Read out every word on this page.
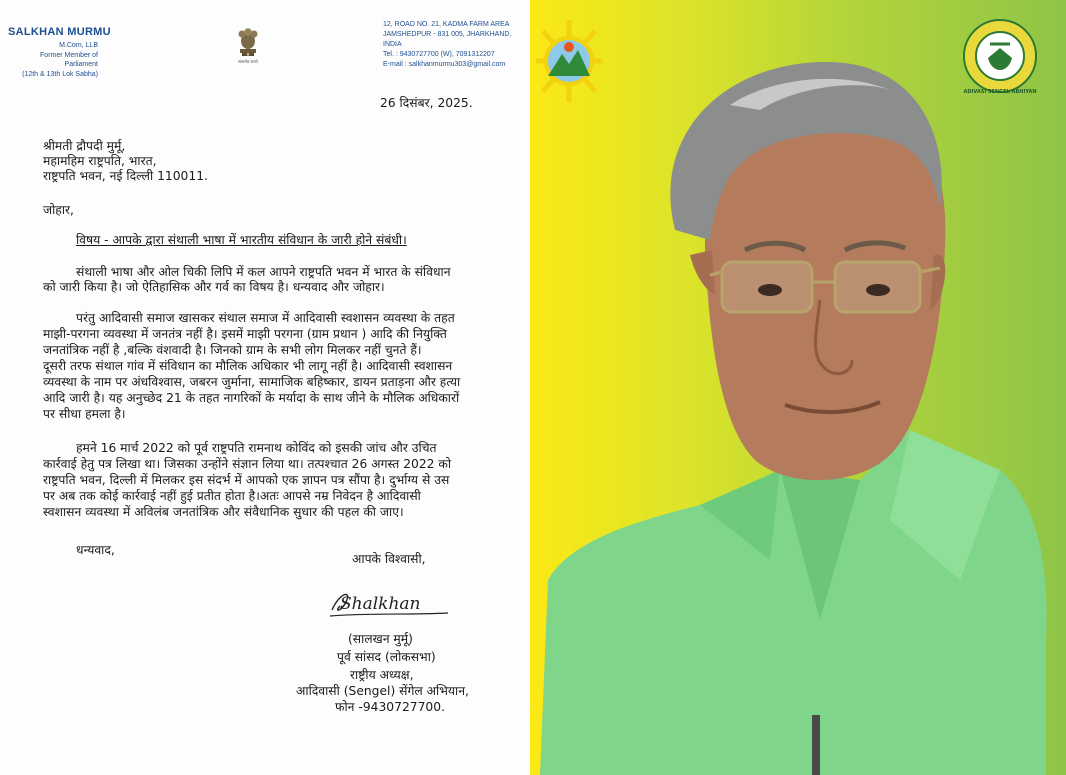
SALKHAN MURMU
M.Com, LLB
Former Member of Parliament
(12th & 13th Lok Sabha)
सत्यमेव जयते
12, ROAD NO. 21, KADMA FARM AREA
JAMSHEDPUR - 831 005, JHARKHAND, INDIA
Tel. : 9430727700 (W), 7091312207
E-mail : salkhanmurmu303@gmail.com
26 दिसंबर, 2025.
श्रीमती द्रौपदी मुर्मू,
महामहिम राष्ट्रपति, भारत,
राष्ट्रपति भवन, नई दिल्ली 110011.
जोहार,
विषय - आपके द्वारा संथाली भाषा में भारतीय संविधान के जारी होने संबंधी।
संथाली भाषा और ओल चिकी लिपि में कल आपने राष्ट्रपति भवन में भारत के संविधान
को जारी किया है। जो ऐतिहासिक और गर्व का विषय है। धन्यवाद और जोहार।
परंतु आदिवासी समाज खासकर संथाल समाज में आदिवासी स्वशासन व्यवस्था के तहत
माझी-परगना व्यवस्था में जनतंत्र नहीं है। इसमें माझी परगना (ग्राम प्रधान ) आदि की नियुक्ति
जनतांत्रिक नहीं है ,बल्कि वंशवादी है। जिनको ग्राम के सभी लोग मिलकर नहीं चुनते हैं।
दूसरी तरफ संथाल गांव में संविधान का मौलिक अधिकार भी लागू नहीं है। आदिवासी स्वशासन
व्यवस्था के नाम पर अंधविश्वास, जबरन जुर्माना, सामाजिक बहिष्कार, डायन प्रताड़ना और हत्या
आदि जारी है। यह अनुच्छेद 21 के तहत नागरिकों के मर्यादा के साथ जीने के मौलिक अधिकारों
पर सीधा हमला है।
हमने 16 मार्च 2022 को पूर्व राष्ट्रपति रामनाथ कोविंद को इसकी जांच और उचित
कार्रवाई हेतु पत्र लिखा था। जिसका उन्होंने संज्ञान लिया था। तत्पश्चात 26 अगस्त 2022 को
राष्ट्रपति भवन, दिल्ली में मिलकर इस संदर्भ में आपको एक ज्ञापन पत्र सौंपा है। दुर्भाग्य से उस
पर अब तक कोई कार्रवाई नहीं हुई प्रतीत होता है।अतः आपसे नम्र निवेदन है आदिवासी
स्वशासन व्यवस्था में अविलंब जनतांत्रिक और संवैधानिक सुधार की पहल की जाए।
धन्यवाद,
आपके विश्वासी,
Shalkhan
(सालखन मुर्मू)
पूर्व सांसद (लोकसभा)
राष्ट्रीय अध्यक्ष,
आदिवासी (Sengel) सेंगेल अभियान,
फोन -9430727700.
ADIVASI SENGEL ABHIYAN
